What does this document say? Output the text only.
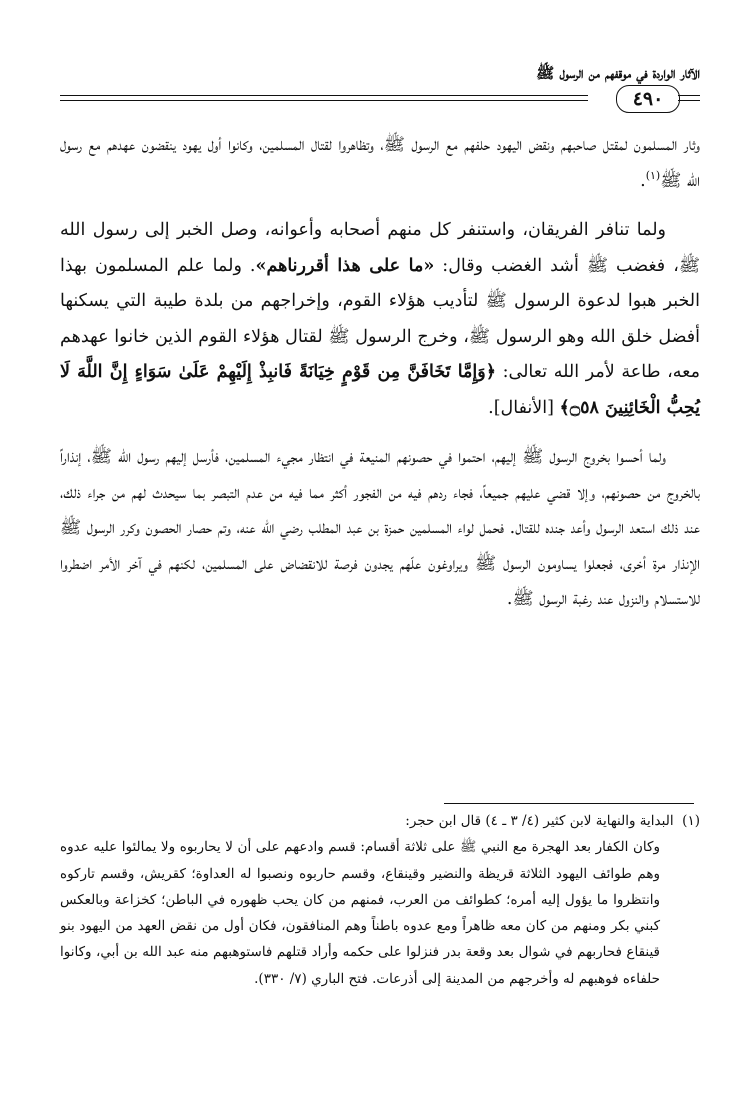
الآثار الواردة في موقفهم من الرسول ﷺ
٤٩٠

وثار المسلمون لمقتل صاحبهم ونقض اليهود حلفهم مع الرسول ﷺ، وتظاهروا لقتال المسلمين، وكانوا أول يهود ينقضون عهدهم مع رسول الله ﷺ$^{(١)}$.

ولما تنافر الفريقان، واستنفر كل منهم أصحابه وأعوانه، وصل الخبر إلى رسول الله ﷺ، فغضب ﷺ أشد الغضب وقال: «ما على هذا أقررناهم». ولما علم المسلمون بهذا الخبر هبوا لدعوة الرسول ﷺ لتأديب هؤلاء القوم، وإخراجهم من بلدة طيبة التي يسكنها أفضل خلق الله وهو الرسول ﷺ، وخرج الرسول ﷺ لقتال هؤلاء القوم الذين خانوا عهدهم معه، طاعة لأمر الله تعالى: ﴿وَإِمَّا تَخَافَنَّ مِن قَوْمٍ خِيَانَةً فَانبِذْ إِلَيْهِمْ عَلَىٰ سَوَاءٍ إِنَّ اللَّهَ لَا يُحِبُّ الْخَائِنِينَ ۝٥٨﴾ [الأنفال].

ولما أحسوا بخروج الرسول ﷺ إليهم، احتموا في حصونهم المنيعة في انتظار مجيء المسلمين، فأرسل إليهم رسول الله ﷺ، إنذاراً بالخروج من حصونهم، وإلا قضي عليهم جميعاً، فجاء ردهم فيه من الفجور أكثر مما فيه من عدم التبصر بما سيحدث لهم من جراء ذلك، عند ذلك استعد الرسول وأعد جنده للقتال. فحمل لواء المسلمين حمزة بن عبد المطلب رضي الله عنه، وتم حصار الحصون وكرر الرسول ﷺ الإنذار مرة أخرى، فجعلوا يساومون الرسول ﷺ ويراوغون علّهم يجدون فرصة للانقضاض على المسلمين، لكنهم في آخر الأمر اضطروا للاستسلام والنزول عند رغبة الرسول ﷺ.

(١)  البداية والنهاية لابن كثير (٤/ ٣ ـ ٤) قال ابن حجر:

وكان الكفار بعد الهجرة مع النبي ﷺ على ثلاثة أقسام: قسم وادعهم على أن لا يحاربوه ولا يمالئوا عليه عدوه وهم طوائف اليهود الثلاثة قريظة والنضير وقينقاع، وقسم حاربوه ونصبوا له العداوة؛ كقريش، وقسم تاركوه وانتظروا ما يؤول إليه أمره؛ كطوائف من العرب، فمنهم من كان يحب ظهوره في الباطن؛ كخزاعة وبالعكس كبني بكر ومنهم من كان معه ظاهراً ومع عدوه باطناً وهم المنافقون، فكان أول من نقض العهد من اليهود بنو قينقاع فحاربهم في شوال بعد وقعة بدر فنزلوا على حكمه وأراد قتلهم فاستوهبهم منه عبد الله بن أبي، وكانوا حلفاءه فوهبهم له وأخرجهم من المدينة إلى أذرعات. فتح الباري (٧/ ٣٣٠).
